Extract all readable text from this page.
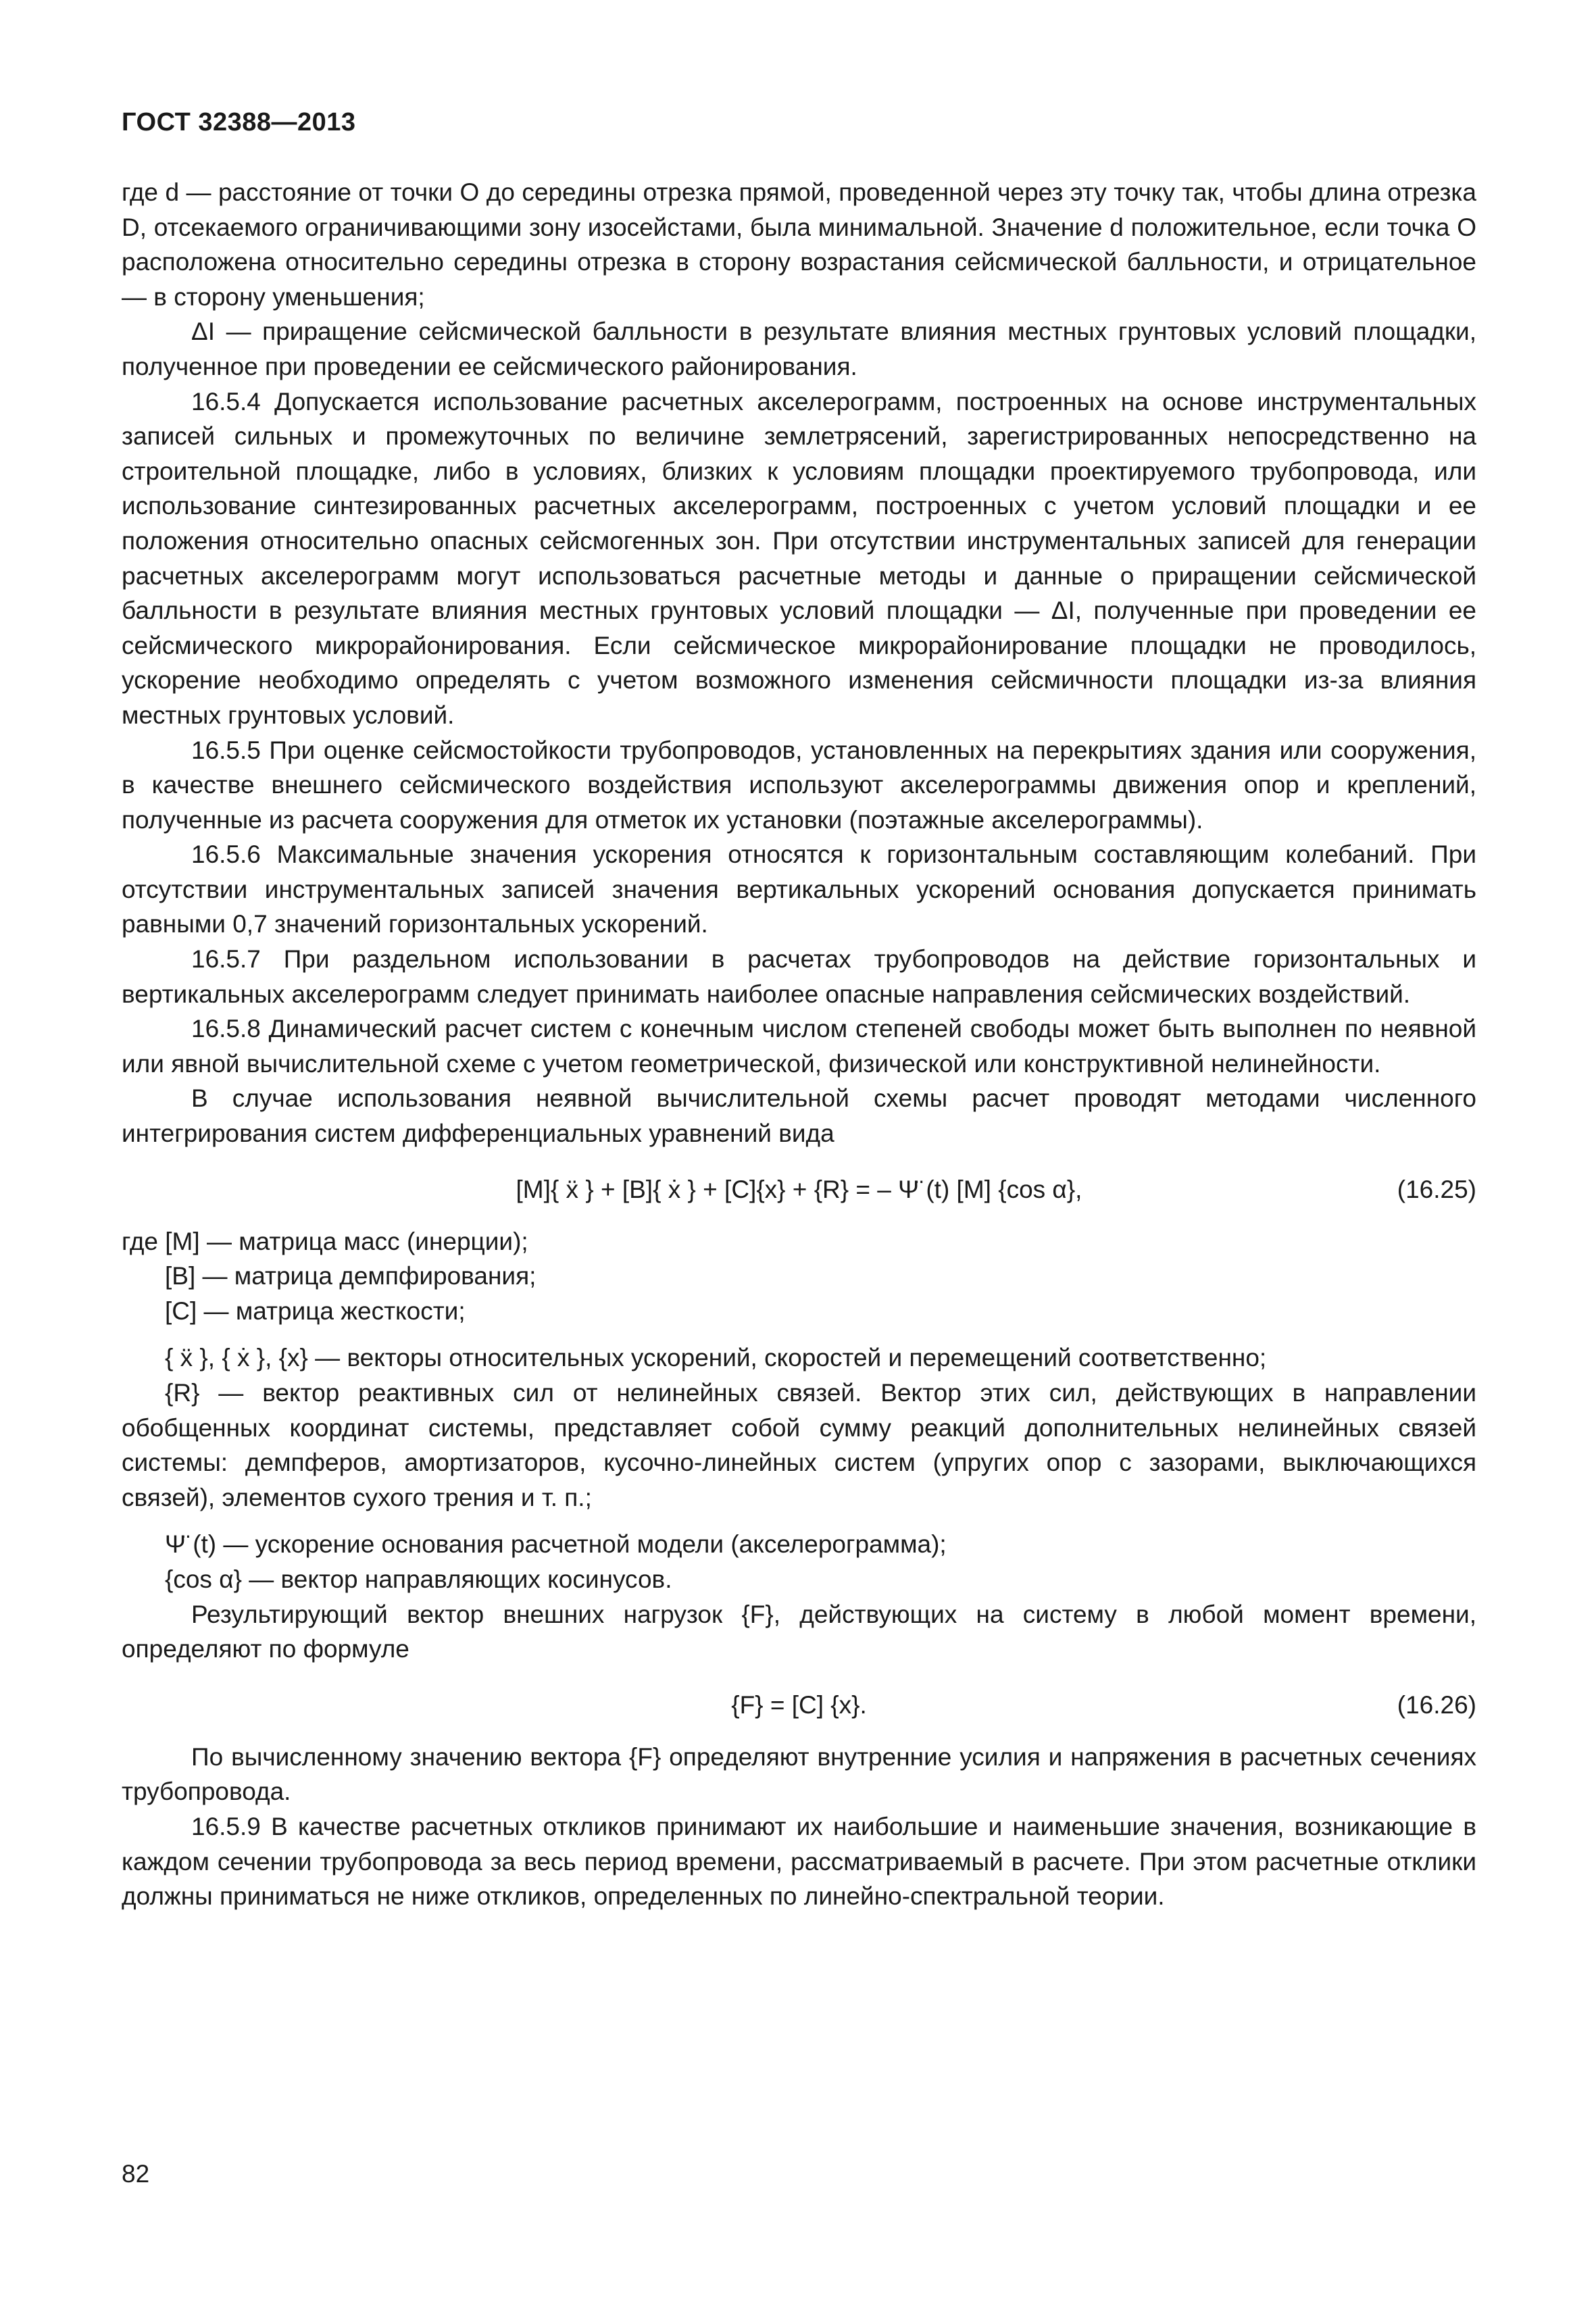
ГОСТ 32388—2013

где d — расстояние от точки О до середины отрезка прямой, проведенной через эту точку так, чтобы длина отрезка D, отсекаемого ограничивающими зону изосейстами, была минимальной. Значение d положительное, если точка О расположена относительно середины отрезка в сторону возрастания сейсмической балльности, и отрицательное — в сторону уменьшения;

ΔI — приращение сейсмической балльности в результате влияния местных грунтовых условий площадки, полученное при проведении ее сейсмического районирования.

16.5.4 Допускается использование расчетных акселерограмм, построенных на основе инструментальных записей сильных и промежуточных по величине землетрясений, зарегистрированных непосредственно на строительной площадке, либо в условиях, близких к условиям площадки проектируемого трубопровода, или использование синтезированных расчетных акселерограмм, построенных с учетом условий площадки и ее положения относительно опасных сейсмогенных зон. При отсутствии инструментальных записей для генерации расчетных акселерограмм могут использоваться расчетные методы и данные о приращении сейсмической балльности в результате влияния местных грунтовых условий площадки — ΔI, полученные при проведении ее сейсмического микрорайонирования. Если сейсмическое микрорайонирование площадки не проводилось, ускорение необходимо определять с учетом возможного изменения сейсмичности площадки из-за влияния местных грунтовых условий.

16.5.5 При оценке сейсмостойкости трубопроводов, установленных на перекрытиях здания или сооружения, в качестве внешнего сейсмического воздействия используют акселерограммы движения опор и креплений, полученные из расчета сооружения для отметок их установки (поэтажные акселерограммы).

16.5.6 Максимальные значения ускорения относятся к горизонтальным составляющим колебаний. При отсутствии инструментальных записей значения вертикальных ускорений основания допускается принимать равными 0,7 значений горизонтальных ускорений.

16.5.7 При раздельном использовании в расчетах трубопроводов на действие горизонтальных и вертикальных акселерограмм следует принимать наиболее опасные направления сейсмических воздействий.

16.5.8 Динамический расчет систем с конечным числом степеней свободы может быть выполнен по неявной или явной вычислительной схеме с учетом геометрической, физической или конструктивной нелинейности.

В случае использования неявной вычислительной схемы расчет проводят методами численного интегрирования систем дифференциальных уравнений вида

[M]{ ẍ } + [B]{ ẋ } + [C]{x} + {R} = – Ψ̈ (t) [M] {cos α},	(16.25)

где [M] — матрица масс (инерции);

[B] — матрица демпфирования;

[C] — матрица жесткости;

{ ẍ }, { ẋ }, {x} — векторы относительных ускорений, скоростей и перемещений соответственно;

{R} — вектор реактивных сил от нелинейных связей. Вектор этих сил, действующих в направлении обобщенных координат системы, представляет собой сумму реакций дополнительных нелинейных связей системы: демпферов, амортизаторов, кусочно-линейных систем (упругих опор с зазорами, выключающихся связей), элементов сухого трения и т. п.;

Ψ̈ (t) — ускорение основания расчетной модели (акселерограмма);

{cos α} — вектор направляющих косинусов.

Результирующий вектор внешних нагрузок {F}, действующих на систему в любой момент времени, определяют по формуле

{F} = [C] {x}.	(16.26)

По вычисленному значению вектора {F} определяют внутренние усилия и напряжения в расчетных сечениях трубопровода.

16.5.9 В качестве расчетных откликов принимают их наибольшие и наименьшие значения, возникающие в каждом сечении трубопровода за весь период времени, рассматриваемый в расчете. При этом расчетные отклики должны приниматься не ниже откликов, определенных по линейно-спектральной теории.

82
